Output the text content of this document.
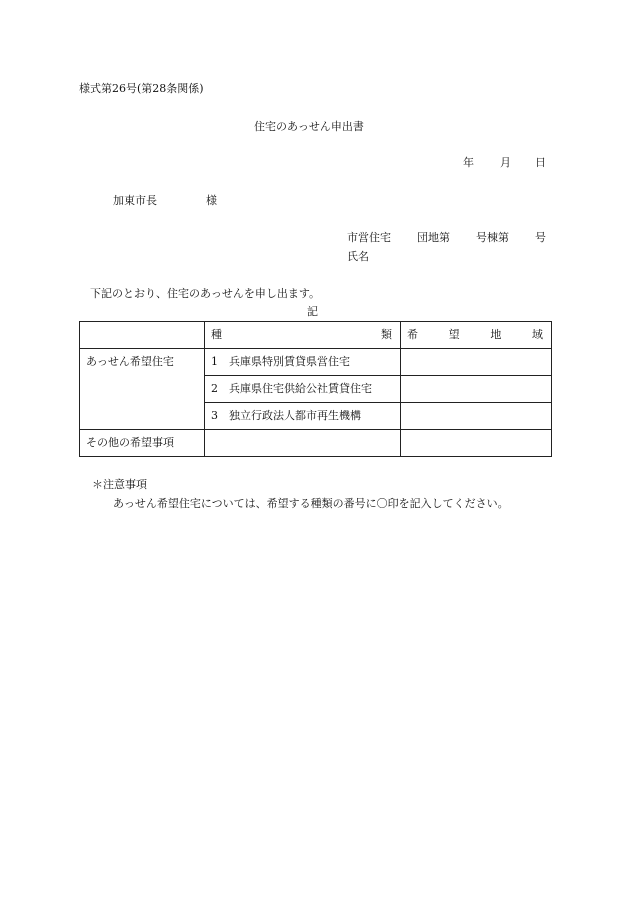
様式第26号(第28条関係)
住宅のあっせん申出書
年 月 日
加東市長	様
市営住宅 団地第 号棟第 号
氏名
下記のとおり、住宅のあっせんを申し出ます。
記

	種 類	希 望 地 域

あっせん希望住宅	1 兵庫県特別賃貸県営住宅	
	2 兵庫県住宅供給公社賃貸住宅	
	3 独立行政法人都市再生機構	
その他の希望事項		
＊注意事項
あっせん希望住宅については、希望する種類の番号に〇印を記入してください。
